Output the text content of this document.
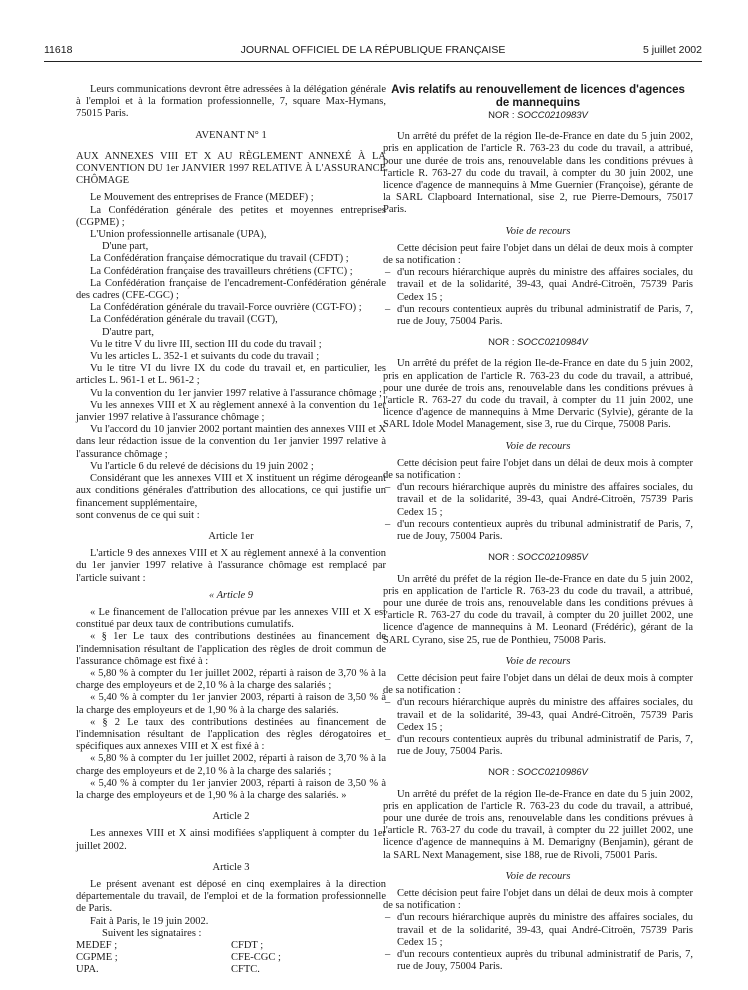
11618	JOURNAL OFFICIEL DE LA RÉPUBLIQUE FRANÇAISE	5 juillet 2002

Leurs communications devront être adressées à la délégation générale à l'emploi et à la formation professionnelle, 7, square Max-Hymans, 75015 Paris.

AVENANT N° 1

AUX ANNEXES VIII ET X AU RÈGLEMENT ANNEXÉ À LA CONVENTION DU 1er JANVIER 1997 RELATIVE À L'ASSURANCE CHÔMAGE

Le Mouvement des entreprises de France (MEDEF) ;

La Confédération générale des petites et moyennes entreprises (CGPME) ;

L'Union professionnelle artisanale (UPA),

D'une part,

La Confédération française démocratique du travail (CFDT) ;

La Confédération française des travailleurs chrétiens (CFTC) ;

La Confédération française de l'encadrement-Confédération générale des cadres (CFE-CGC) ;

La Confédération générale du travail-Force ouvrière (CGT-FO) ;

La Confédération générale du travail (CGT),

D'autre part,

Vu le titre V du livre III, section III du code du travail ;

Vu les articles L. 352-1 et suivants du code du travail ;

Vu le titre VI du livre IX du code du travail et, en particulier, les articles L. 961-1 et L. 961-2 ;

Vu la convention du 1er janvier 1997 relative à l'assurance chômage ;

Vu les annexes VIII et X au règlement annexé à la convention du 1er janvier 1997 relative à l'assurance chômage ;

Vu l'accord du 10 janvier 2002 portant maintien des annexes VIII et X dans leur rédaction issue de la convention du 1er janvier 1997 relative à l'assurance chômage ;

Vu l'article 6 du relevé de décisions du 19 juin 2002 ;

Considérant que les annexes VIII et X instituent un régime dérogeant aux conditions générales d'attribution des allocations, ce qui justifie un financement supplémentaire,

sont convenus de ce qui suit :

Article 1er

L'article 9 des annexes VIII et X au règlement annexé à la convention du 1er janvier 1997 relative à l'assurance chômage est remplacé par l'article suivant :

« Article 9

« Le financement de l'allocation prévue par les annexes VIII et X est constitué par deux taux de contributions cumulatifs.

« § 1er Le taux des contributions destinées au financement de l'indemnisation résultant de l'application des règles de droit commun de l'assurance chômage est fixé à :

« 5,80 % à compter du 1er juillet 2002, réparti à raison de 3,70 % à la charge des employeurs et de 2,10 % à la charge des salariés ;

« 5,40 % à compter du 1er janvier 2003, réparti à raison de 3,50 % à la charge des employeurs et de 1,90 % à la charge des salariés.

« § 2 Le taux des contributions destinées au financement de l'indemnisation résultant de l'application des règles dérogatoires et spécifiques aux annexes VIII et X est fixé à :

« 5,80 % à compter du 1er juillet 2002, réparti à raison de 3,70 % à la charge des employeurs et de 2,10 % à la charge des salariés ;

« 5,40 % à compter du 1er janvier 2003, réparti à raison de 3,50 % à la charge des employeurs et de 1,90 % à la charge des salariés. »

Article 2

Les annexes VIII et X ainsi modifiées s'appliquent à compter du 1er juillet 2002.

Article 3

Le présent avenant est déposé en cinq exemplaires à la direction départementale du travail, de l'emploi et de la formation professionnelle de Paris.

Fait à Paris, le 19 juin 2002.

Suivent les signataires :

MEDEF ;	CFDT ;
CGPME ;	CFE-CGC ;
UPA.	CFTC.

Avis relatifs au renouvellement de licences d'agences de mannequins

NOR : SOCC0210983V

Un arrêté du préfet de la région Ile-de-France en date du 5 juin 2002, pris en application de l'article R. 763-23 du code du travail, a attribué, pour une durée de trois ans, renouvelable dans les conditions prévues à l'article R. 763-27 du code du travail, à compter du 30 juin 2002, une licence d'agence de mannequins à Mme Guernier (Françoise), gérante de la SARL Clapboard International, sise 2, rue Pierre-Demours, 75017 Paris.

Voie de recours

Cette décision peut faire l'objet dans un délai de deux mois à compter de sa notification :

– d'un recours hiérarchique auprès du ministre des affaires sociales, du travail et de la solidarité, 39-43, quai André-Citroën, 75739 Paris Cedex 15 ;
– d'un recours contentieux auprès du tribunal administratif de Paris, 7, rue de Jouy, 75004 Paris.

NOR : SOCC0210984V

Un arrêté du préfet de la région Ile-de-France en date du 5 juin 2002, pris en application de l'article R. 763-23 du code du travail, a attribué, pour une durée de trois ans, renouvelable dans les conditions prévues à l'article R. 763-27 du code du travail, à compter du 11 juin 2002, une licence d'agence de mannequins à Mme Dervaric (Sylvie), gérante de la SARL Idole Model Management, sise 3, rue du Cirque, 75008 Paris.

Voie de recours

Cette décision peut faire l'objet dans un délai de deux mois à compter de sa notification :

– d'un recours hiérarchique auprès du ministre des affaires sociales, du travail et de la solidarité, 39-43, quai André-Citroën, 75739 Paris Cedex 15 ;
– d'un recours contentieux auprès du tribunal administratif de Paris, 7, rue de Jouy, 75004 Paris.

NOR : SOCC0210985V

Un arrêté du préfet de la région Ile-de-France en date du 5 juin 2002, pris en application de l'article R. 763-23 du code du travail, a attribué, pour une durée de trois ans, renouvelable dans les conditions prévues à l'article R. 763-27 du code du travail, à compter du 20 juillet 2002, une licence d'agence de mannequins à M. Leonard (Frédéric), gérant de la SARL Cyrano, sise 25, rue de Ponthieu, 75008 Paris.

Voie de recours

Cette décision peut faire l'objet dans un délai de deux mois à compter de sa notification :

– d'un recours hiérarchique auprès du ministre des affaires sociales, du travail et de la solidarité, 39-43, quai André-Citroën, 75739 Paris Cedex 15 ;
– d'un recours contentieux auprès du tribunal administratif de Paris, 7, rue de Jouy, 75004 Paris.

NOR : SOCC0210986V

Un arrêté du préfet de la région Ile-de-France en date du 5 juin 2002, pris en application de l'article R. 763-23 du code du travail, a attribué, pour une durée de trois ans, renouvelable dans les conditions prévues à l'article R. 763-27 du code du travail, à compter du 22 juillet 2002, une licence d'agence de mannequins à M. Demarigny (Benjamin), gérant de la SARL Next Management, sise 188, rue de Rivoli, 75001 Paris.

Voie de recours

Cette décision peut faire l'objet dans un délai de deux mois à compter de sa notification :

– d'un recours hiérarchique auprès du ministre des affaires sociales, du travail et de la solidarité, 39-43, quai André-Citroën, 75739 Paris Cedex 15 ;
– d'un recours contentieux auprès du tribunal administratif de Paris, 7, rue de Jouy, 75004 Paris.
